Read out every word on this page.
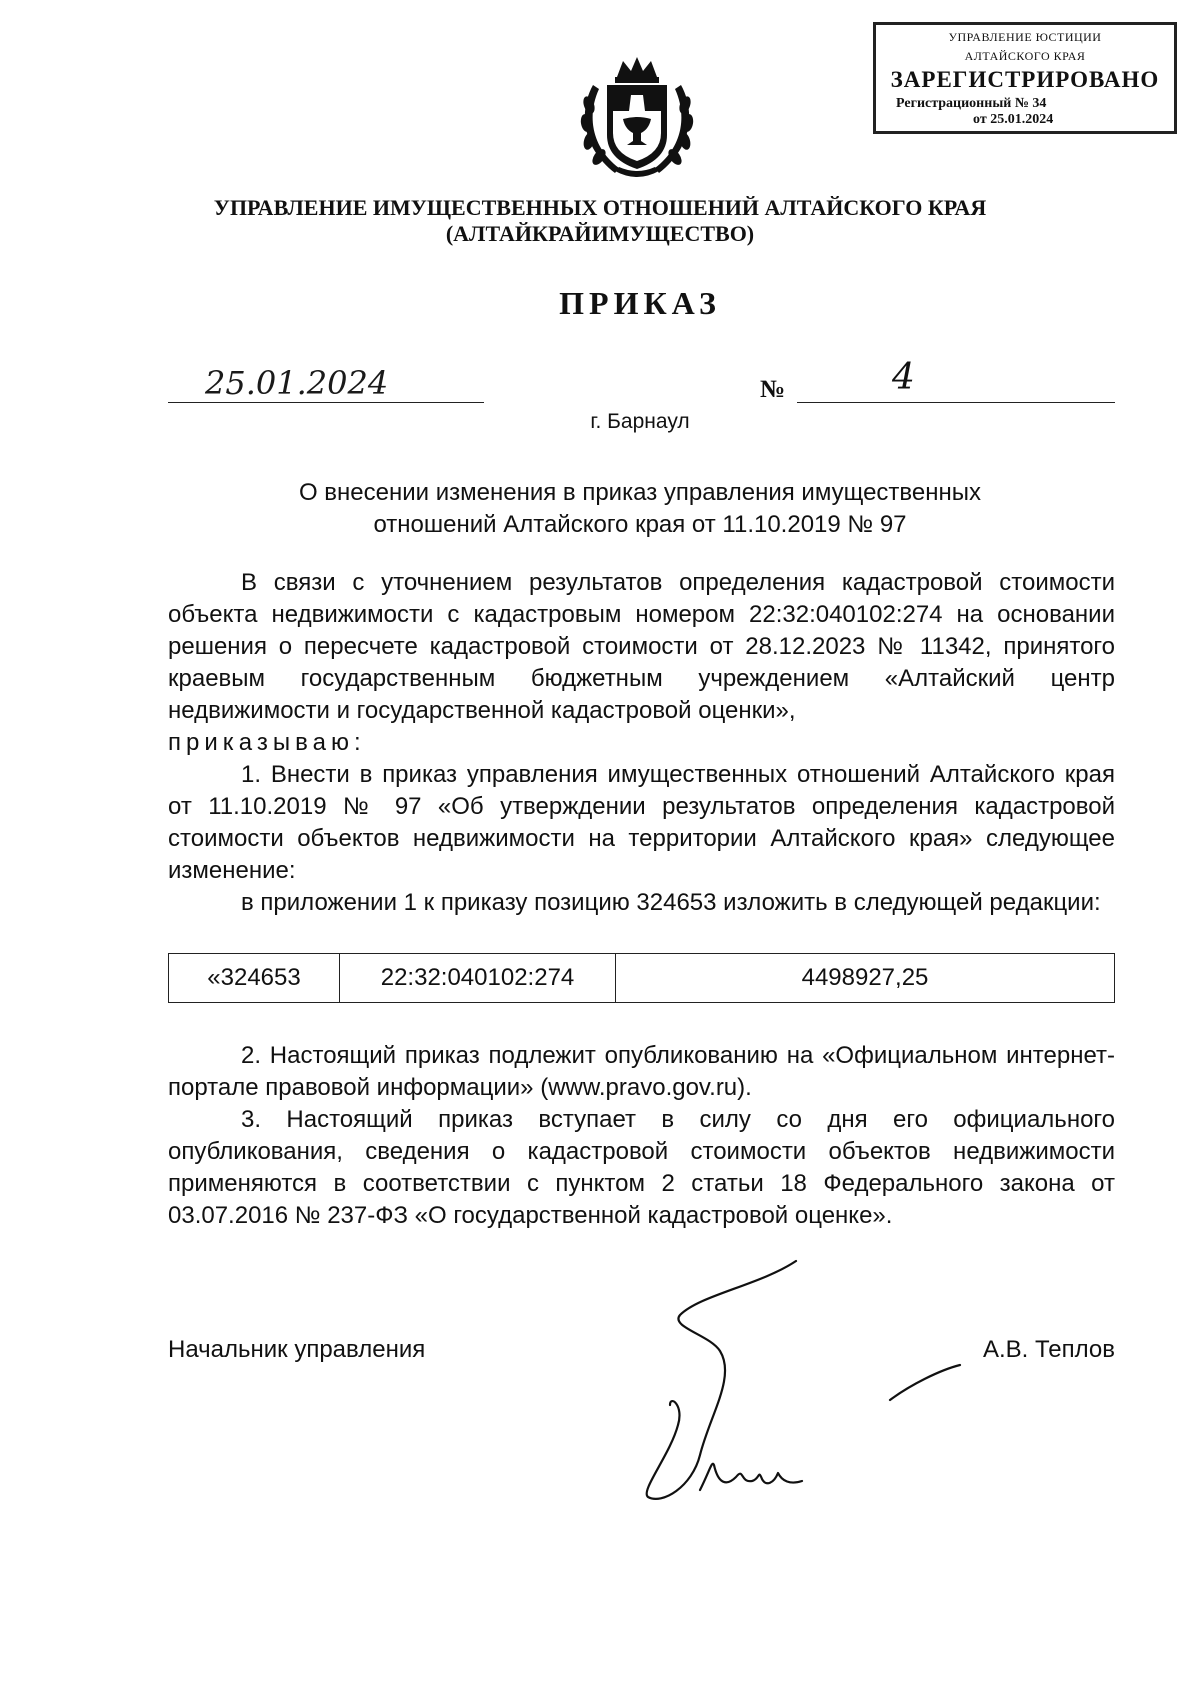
УПРАВЛЕНИЕ ЮСТИЦИИ
АЛТАЙСКОГО КРАЯ
ЗАРЕГИСТРИРОВАНО
Регистрационный № 34
от 25.01.2024
УПРАВЛЕНИЕ ИМУЩЕСТВЕННЫХ ОТНОШЕНИЙ АЛТАЙСКОГО КРАЯ
(АЛТАЙКРАЙИМУЩЕСТВО)
ПРИКАЗ
25.01.2024	№	4
г. Барнаул
О внесении изменения в приказ управления имущественных
отношений Алтайского края от 11.10.2019 № 97

В связи с уточнением результатов определения кадастровой стоимости объекта недвижимости с кадастровым номером 22:32:040102:274 на основании решения о пересчете кадастровой стоимости от 28.12.2023 № 11342, принятого краевым государственным бюджетным учреждением «Алтайский центр недвижимости и государственной кадастровой оценки»,

приказываю:

1. Внести в приказ управления имущественных отношений Алтайского края от 11.10.2019 № 97 «Об утверждении результатов определения кадастровой стоимости объектов недвижимости на территории Алтайского края» следующее изменение:

в приложении 1 к приказу позицию 324653 изложить в следующей редакции:

«324653	22:32:040102:274	4498927,25

2. Настоящий приказ подлежит опубликованию на «Официальном интернет-портале правовой информации» (www.pravo.gov.ru).

3. Настоящий приказ вступает в силу со дня его официального опубликования, сведения о кадастровой стоимости объектов недвижимости применяются в соответствии с пунктом 2 статьи 18 Федерального закона от 03.07.2016 № 237-ФЗ «О государственной кадастровой оценке».

Начальник управления	А.В. Теплов
